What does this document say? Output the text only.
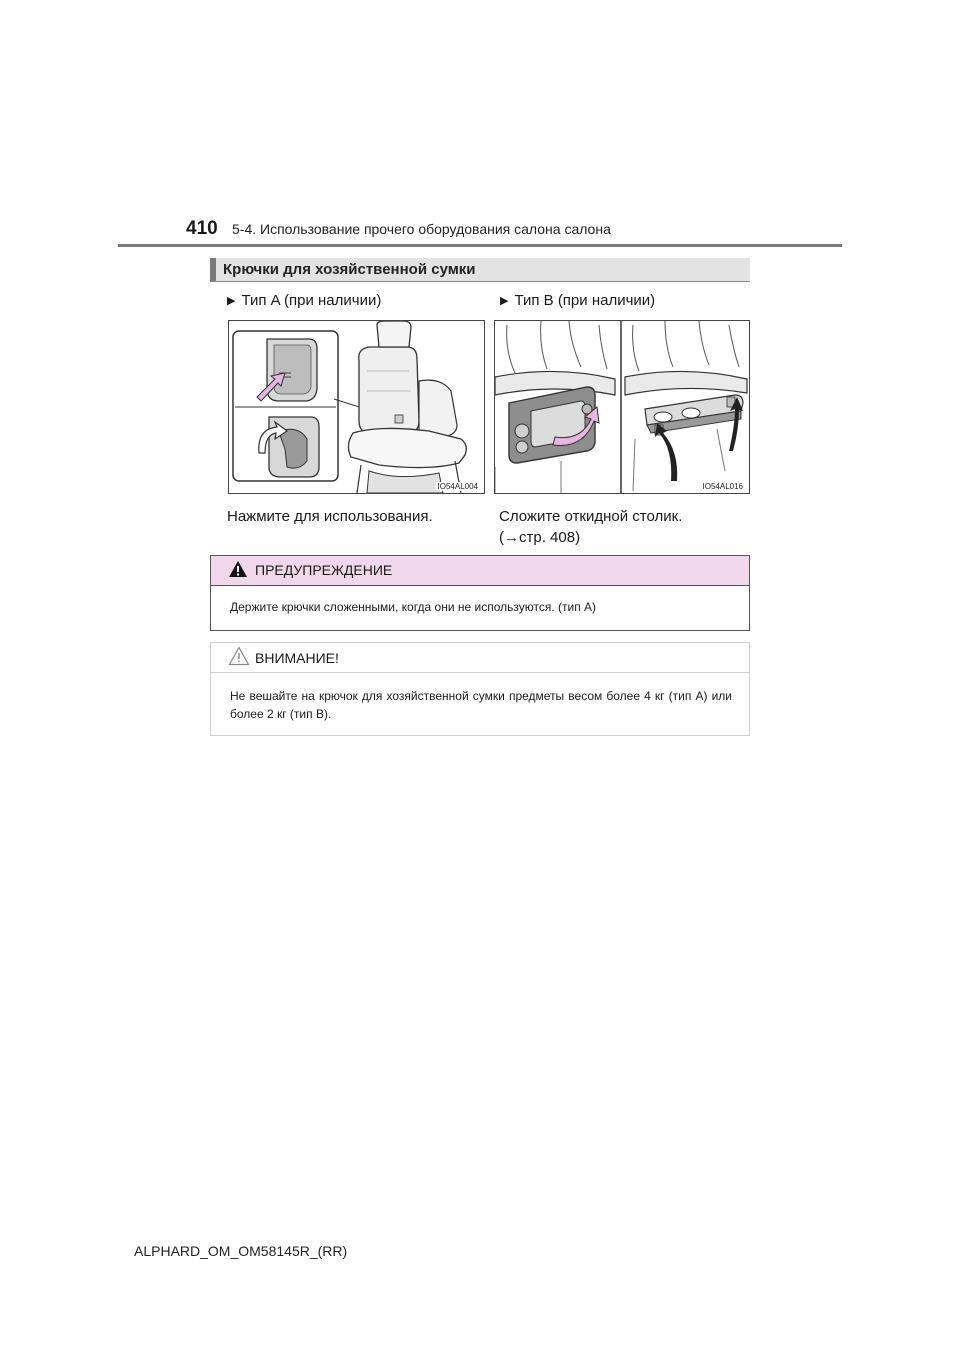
410 5-4. Использование прочего оборудования салона салона
Крючки для хозяйственной сумки
▶ Тип A (при наличии)	▶ Тип B (при наличии)
IO54AL004	IO54AL016
Нажмите для использования.	Сложите откидной столик.
(→стр. 408)
ПРЕДУПРЕЖДЕНИЕ
Держите крючки сложенными, когда они не используются. (тип A)
ВНИМАНИЕ!
Не вешайте на крючок для хозяйственной сумки предметы весом более 4 кг (тип A) или более 2 кг (тип B).
ALPHARD_OM_OM58145R_(RR)
